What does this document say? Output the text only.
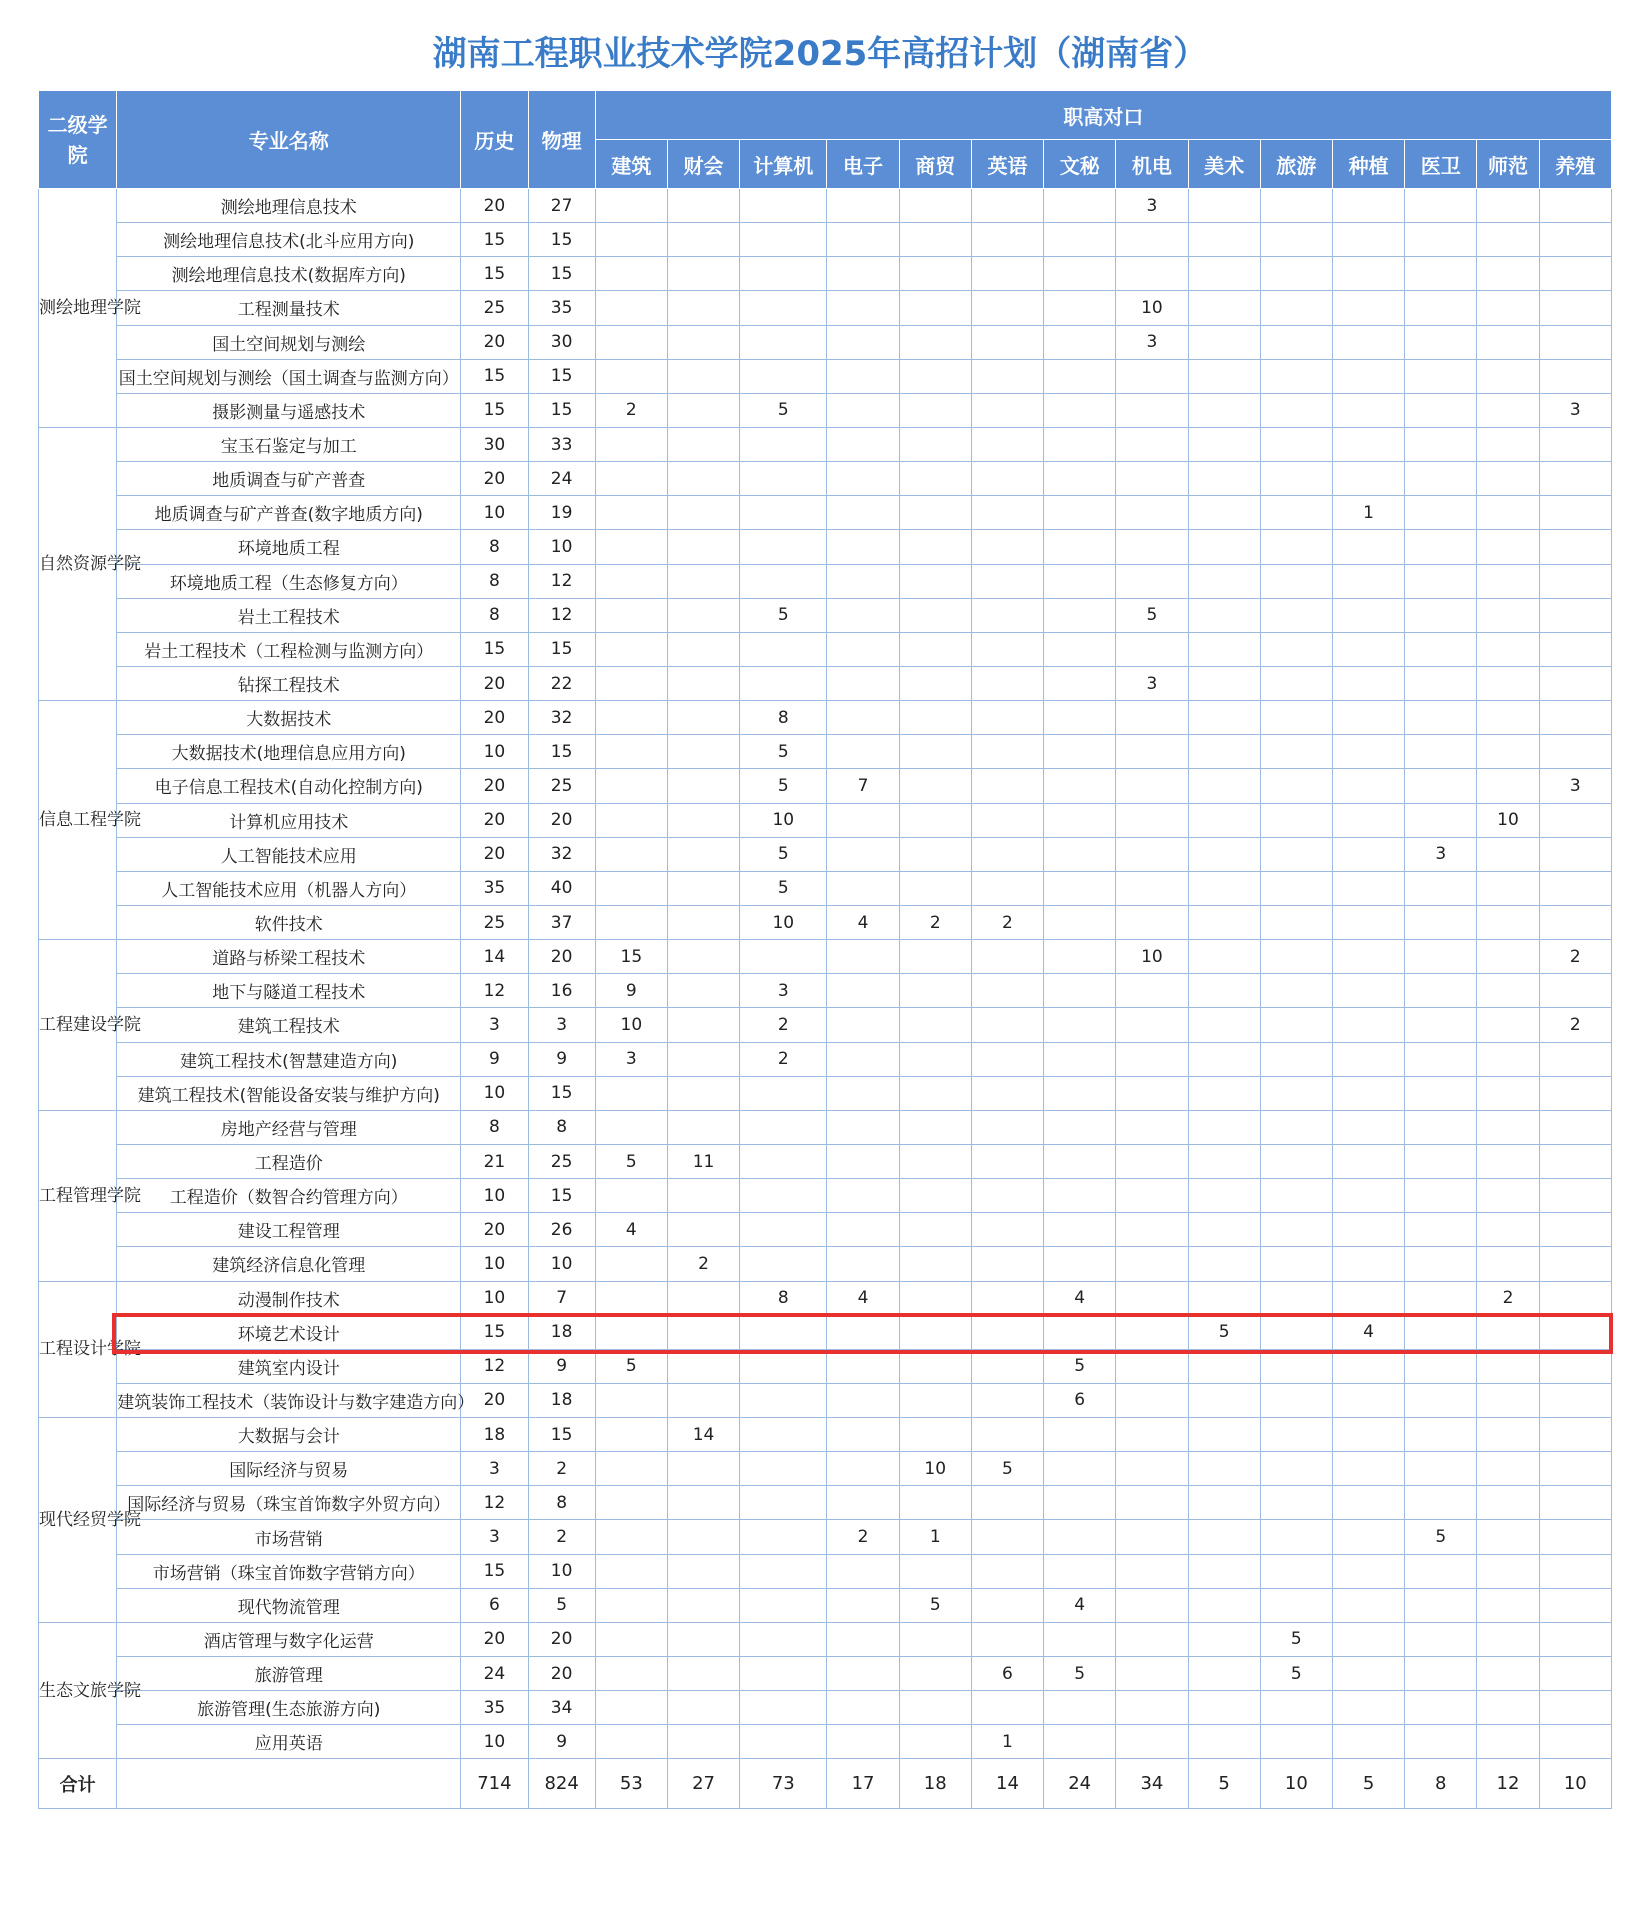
湖南工程职业技术学院2025年高招计划（湖南省）
二级学院	专业名称	历史	物理	职高对口													
				建筑	财会	计算机	电子	商贸	英语	文秘	机电	美术	旅游	种植	医卫	师范	养殖
测绘地理学院	测绘地理信息技术	20	27								3						
	测绘地理信息技术(北斗应用方向)	15	15														
	测绘地理信息技术(数据库方向)	15	15														
	工程测量技术	25	35								10						
	国土空间规划与测绘	20	30								3						
	国土空间规划与测绘（国土调查与监测方向）	15	15														
	摄影测量与遥感技术	15	15	2		5											3
自然资源学院	宝玉石鉴定与加工	30	33														
	地质调查与矿产普查	20	24														
	地质调查与矿产普查(数字地质方向)	10	19											1			
	环境地质工程	8	10														
	环境地质工程（生态修复方向）	8	12														
	岩土工程技术	8	12			5					5						
	岩土工程技术（工程检测与监测方向）	15	15														
	钻探工程技术	20	22								3						
信息工程学院	大数据技术	20	32			8											
	大数据技术(地理信息应用方向)	10	15			5											
	电子信息工程技术(自动化控制方向)	20	25			5	7										3
	计算机应用技术	20	20			10										10	
	人工智能技术应用	20	32			5									3		
	人工智能技术应用（机器人方向）	35	40			5											
	软件技术	25	37			10	4	2	2								
工程建设学院	道路与桥梁工程技术	14	20	15							10						2
	地下与隧道工程技术	12	16	9		3											
	建筑工程技术	3	3	10		2											2
	建筑工程技术(智慧建造方向)	9	9	3		2											
	建筑工程技术(智能设备安装与维护方向)	10	15														
工程管理学院	房地产经营与管理	8	8														
	工程造价	21	25	5	11												
	工程造价（数智合约管理方向）	10	15														
	建设工程管理	20	26	4													
	建筑经济信息化管理	10	10		2												
工程设计学院	动漫制作技术	10	7			8	4			4						2	
	环境艺术设计	15	18									5		4			
	建筑室内设计	12	9	5						5							
	建筑装饰工程技术（装饰设计与数字建造方向）	20	18							6							
现代经贸学院	大数据与会计	18	15		14												
	国际经济与贸易	3	2					10	5								
	国际经济与贸易（珠宝首饰数字外贸方向）	12	8														
	市场营销	3	2				2	1							5		
	市场营销（珠宝首饰数字营销方向）	15	10														
	现代物流管理	6	5					5		4							
生态文旅学院	酒店管理与数字化运营	20	20										5				
	旅游管理	24	20						6	5			5				
	旅游管理(生态旅游方向)	35	34														
	应用英语	10	9						1								
合计		714	824	53	27	73	17	18	14	24	34	5	10	5	8	12	10
